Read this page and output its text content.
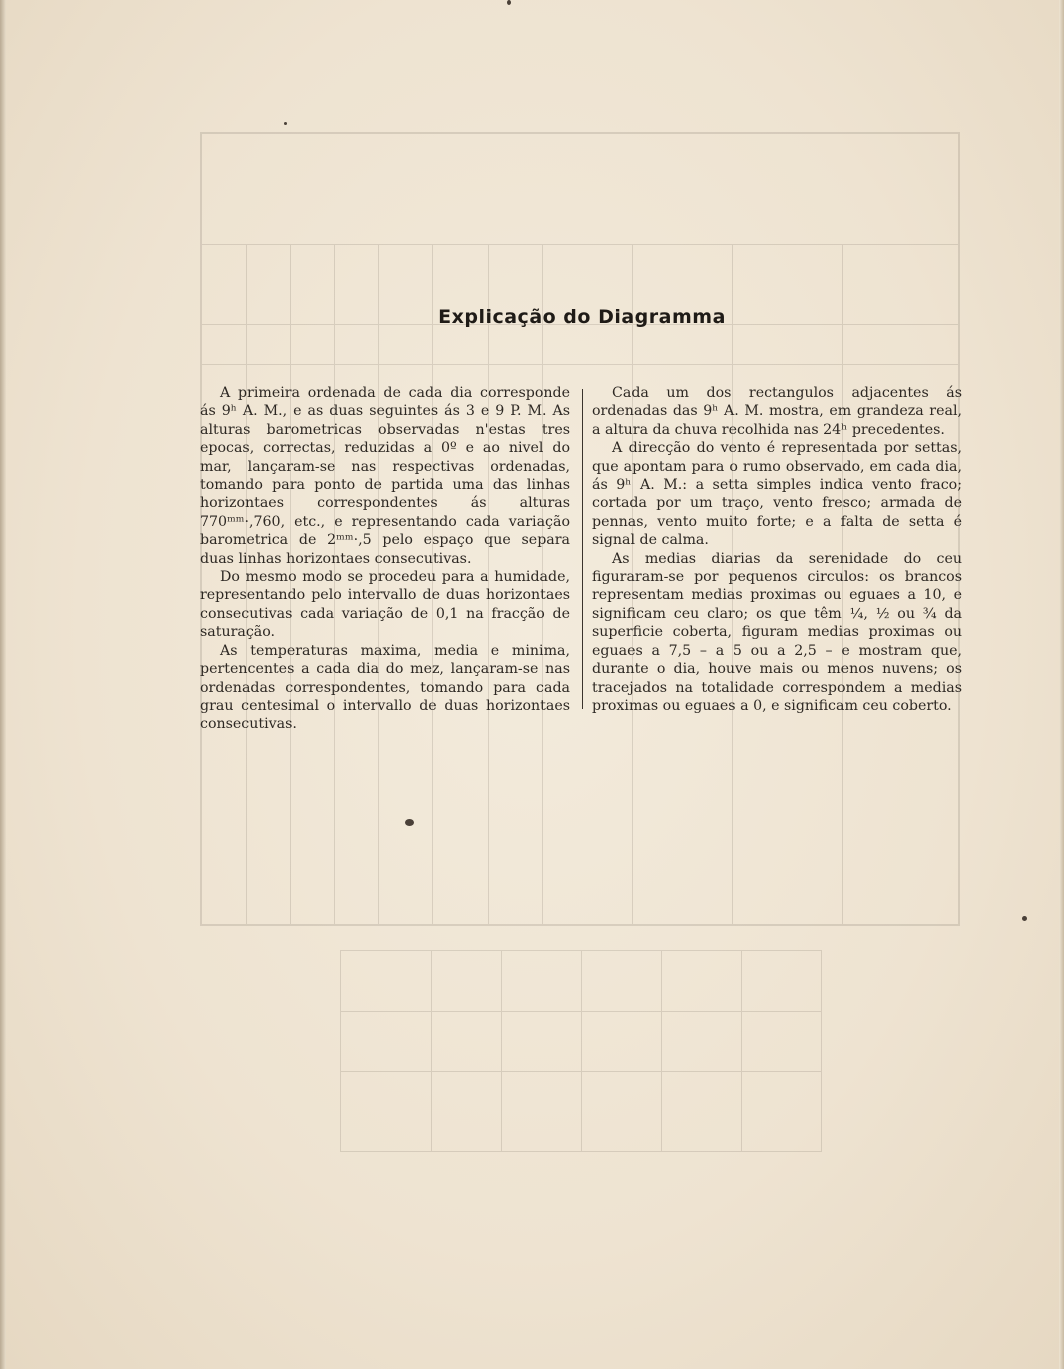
Explicação do Diagramma

A primeira ordenada de cada dia corresponde ás 9ʰ A. M., e as duas seguintes ás 3 e 9 P. M. As alturas barometricas observadas n'estas tres epocas, correctas, reduzidas a 0º e ao nivel do mar, lançaram-se nas respectivas ordenadas, tomando para ponto de partida uma das linhas horizontaes correspondentes ás alturas 770ᵐᵐ·,760, etc., e representando cada variação barometrica de 2ᵐᵐ·,5 pelo espaço que separa duas linhas horizontaes consecutivas.

Do mesmo modo se procedeu para a humidade, representando pelo intervallo de duas horizontaes consecutivas cada variação de 0,1 na fracção de saturação.

As temperaturas maxima, media e minima, pertencentes a cada dia do mez, lançaram-se nas ordenadas correspondentes, tomando para cada grau centesimal o intervallo de duas horizontaes consecutivas.

Cada um dos rectangulos adjacentes ás ordenadas das 9ʰ A. M. mostra, em grandeza real, a altura da chuva recolhida nas 24ʰ precedentes.

A direcção do vento é representada por settas, que apontam para o rumo observado, em cada dia, ás 9ʰ A. M.: a setta simples indica vento fraco; cortada por um traço, vento fresco; armada de pennas, vento muito forte; e a falta de setta é signal de calma.

As medias diarias da serenidade do ceu figuraram-se por pequenos circulos: os brancos representam medias proximas ou eguaes a 10, e significam ceu claro; os que têm ¼, ½ ou ¾ da superficie coberta, figuram medias proximas ou eguaes a 7,5 – a 5 ou a 2,5 – e mostram que, durante o dia, houve mais ou menos nuvens; os tracejados na totalidade correspondem a medias proximas ou eguaes a 0, e significam ceu coberto.
